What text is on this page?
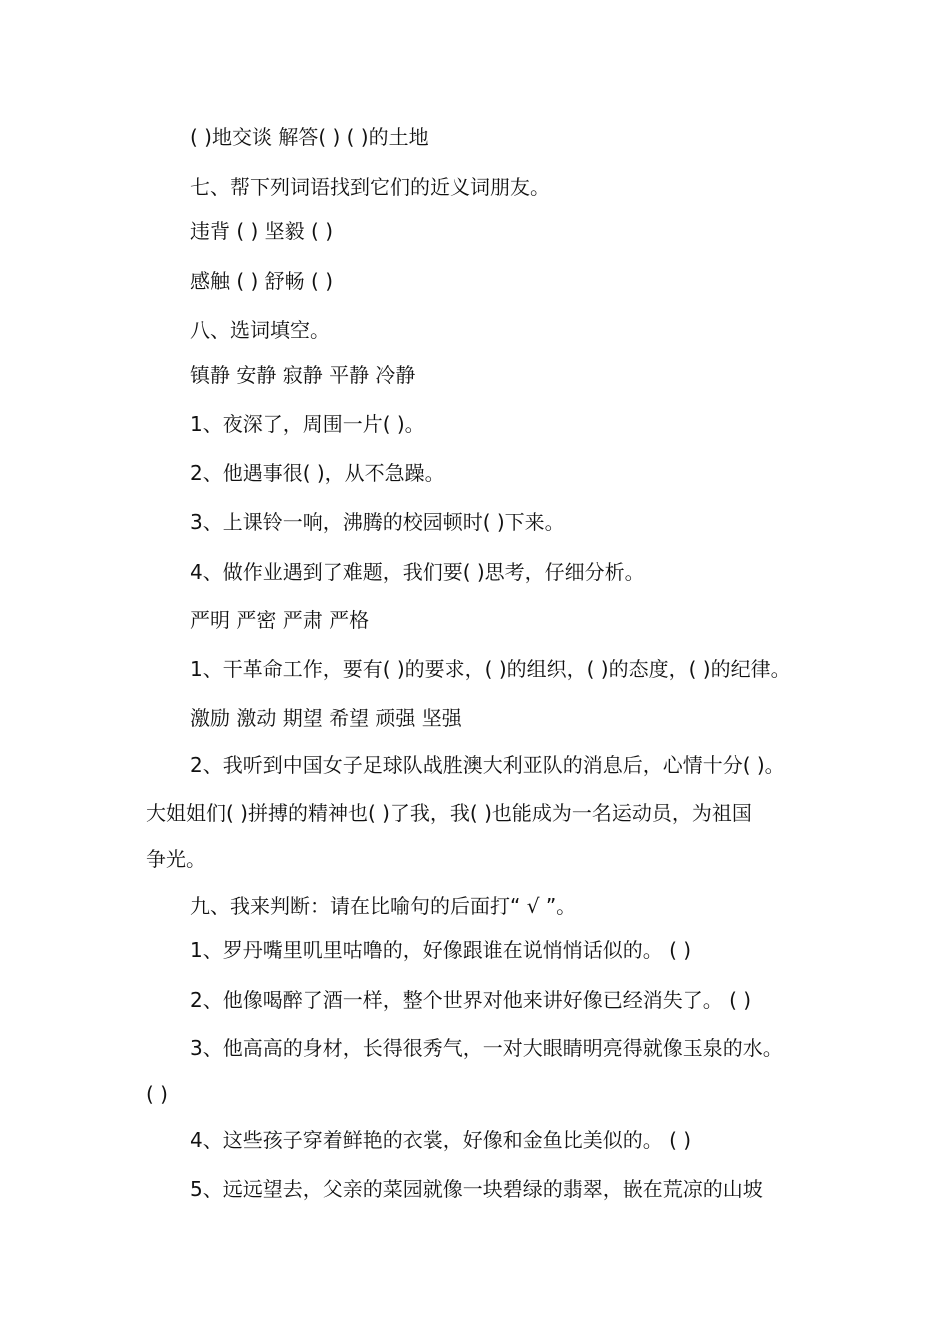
( )地交谈 解答( ) ( )的土地
七、帮下列词语找到它们的近义词朋友。
违背 ( ) 坚毅 ( )
感触 ( ) 舒畅 ( )
八、选词填空。
镇静 安静 寂静 平静 冷静
1、夜深了，周围一片( )。
2、他遇事很( )，从不急躁。
3、上课铃一响，沸腾的校园顿时( )下来。
4、做作业遇到了难题，我们要( )思考，仔细分析。
严明 严密 严肃 严格
1、干革命工作，要有( )的要求，( )的组织，( )的态度，( )的纪律。
激励 激动 期望 希望 顽强 坚强
2、我听到中国女子足球队战胜澳大利亚队的消息后，心情十分( )。
大姐姐们( )拼搏的精神也( )了我，我( )也能成为一名运动员，为祖国
争光。
九、我来判断：请在比喻句的后面打“ √ ”。
1、罗丹嘴里叽里咕噜的，好像跟谁在说悄悄话似的。 ( )
2、他像喝醉了酒一样，整个世界对他来讲好像已经消失了。 ( )
3、他高高的身材，长得很秀气，一对大眼睛明亮得就像玉泉的水。
( )
4、这些孩子穿着鲜艳的衣裳，好像和金鱼比美似的。 ( )
5、远远望去，父亲的菜园就像一块碧绿的翡翠，嵌在荒凉的山坡
